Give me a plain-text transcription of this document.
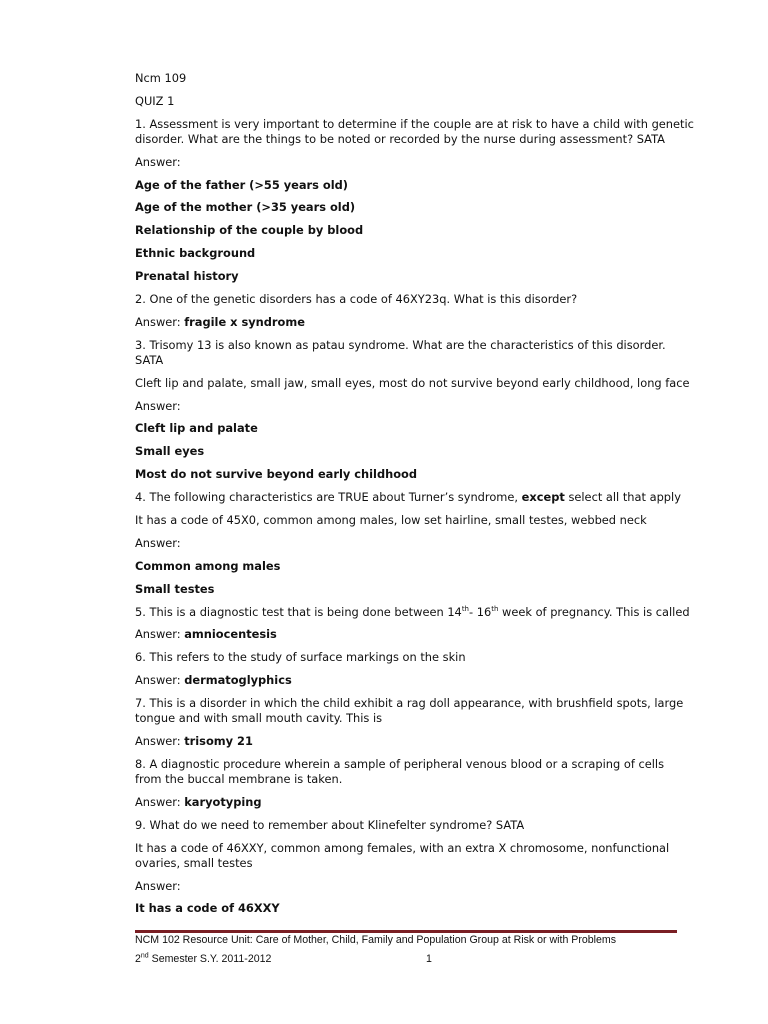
Ncm 109

QUIZ 1

1. Assessment is very important to determine if the couple are at risk to have a child with genetic
disorder. What are the things to be noted or recorded by the nurse during assessment? SATA

Answer:

Age of the father (>55 years old)

Age of the mother (>35 years old)

Relationship of the couple by blood

Ethnic background

Prenatal history

2. One of the genetic disorders has a code of 46XY23q. What is this disorder?

Answer: fragile x syndrome

3. Trisomy 13 is also known as patau syndrome. What are the characteristics of this disorder.
SATA

Cleft lip and palate, small jaw, small eyes, most do not survive beyond early childhood, long face

Answer:

Cleft lip and palate

Small eyes

Most do not survive beyond early childhood

4. The following characteristics are TRUE about Turner’s syndrome, except select all that apply

It has a code of 45X0, common among males, low set hairline, small testes, webbed neck

Answer:

Common among males

Small testes

5. This is a diagnostic test that is being done between 14th- 16th week of pregnancy. This is called

Answer: amniocentesis

6. This refers to the study of surface markings on the skin

Answer: dermatoglyphics

7. This is a disorder in which the child exhibit a rag doll appearance, with brushfield spots, large
tongue and with small mouth cavity. This is

Answer: trisomy 21

8. A diagnostic procedure wherein a sample of peripheral venous blood or a scraping of cells
from the buccal membrane is taken.

Answer: karyotyping

9. What do we need to remember about Klinefelter syndrome? SATA

It has a code of 46XXY, common among females, with an extra X chromosome, nonfunctional
ovaries, small testes

Answer:

It has a code of 46XXY

NCM 102 Resource Unit: Care of Mother, Child, Family and Population Group at Risk or with Problems
2nd Semester S.Y. 2011-2012	1
